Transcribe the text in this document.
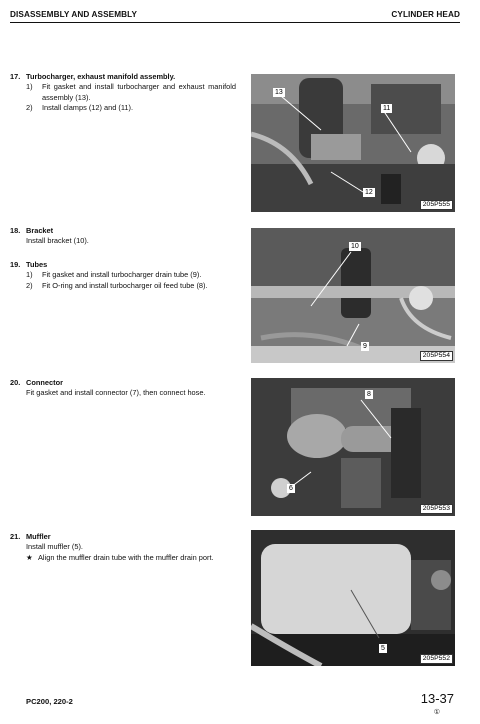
DISASSEMBLY AND ASSEMBLY	CYLINDER HEAD
17. Turbocharger, exhaust manifold assembly.
1)	Fit gasket and install turbocharger and exhaust manifold assembly (13).
2)	Install clamps (12) and (11).
18. Bracket
Install bracket (10).
19. Tubes
1)	Fit gasket and install turbocharger drain tube (9).
2)	Fit O-ring and install turbocharger oil feed tube (8).
20. Connector
Fit gasket and install connector (7), then connect hose.
21. Muffler
Install muffler (5).
★ Align the muffler drain tube with the muffler drain port.
13
11
12
205P555
10
9
205P554
8
6
205P553
5
205P552
PC200, 220-2	13-37
①
